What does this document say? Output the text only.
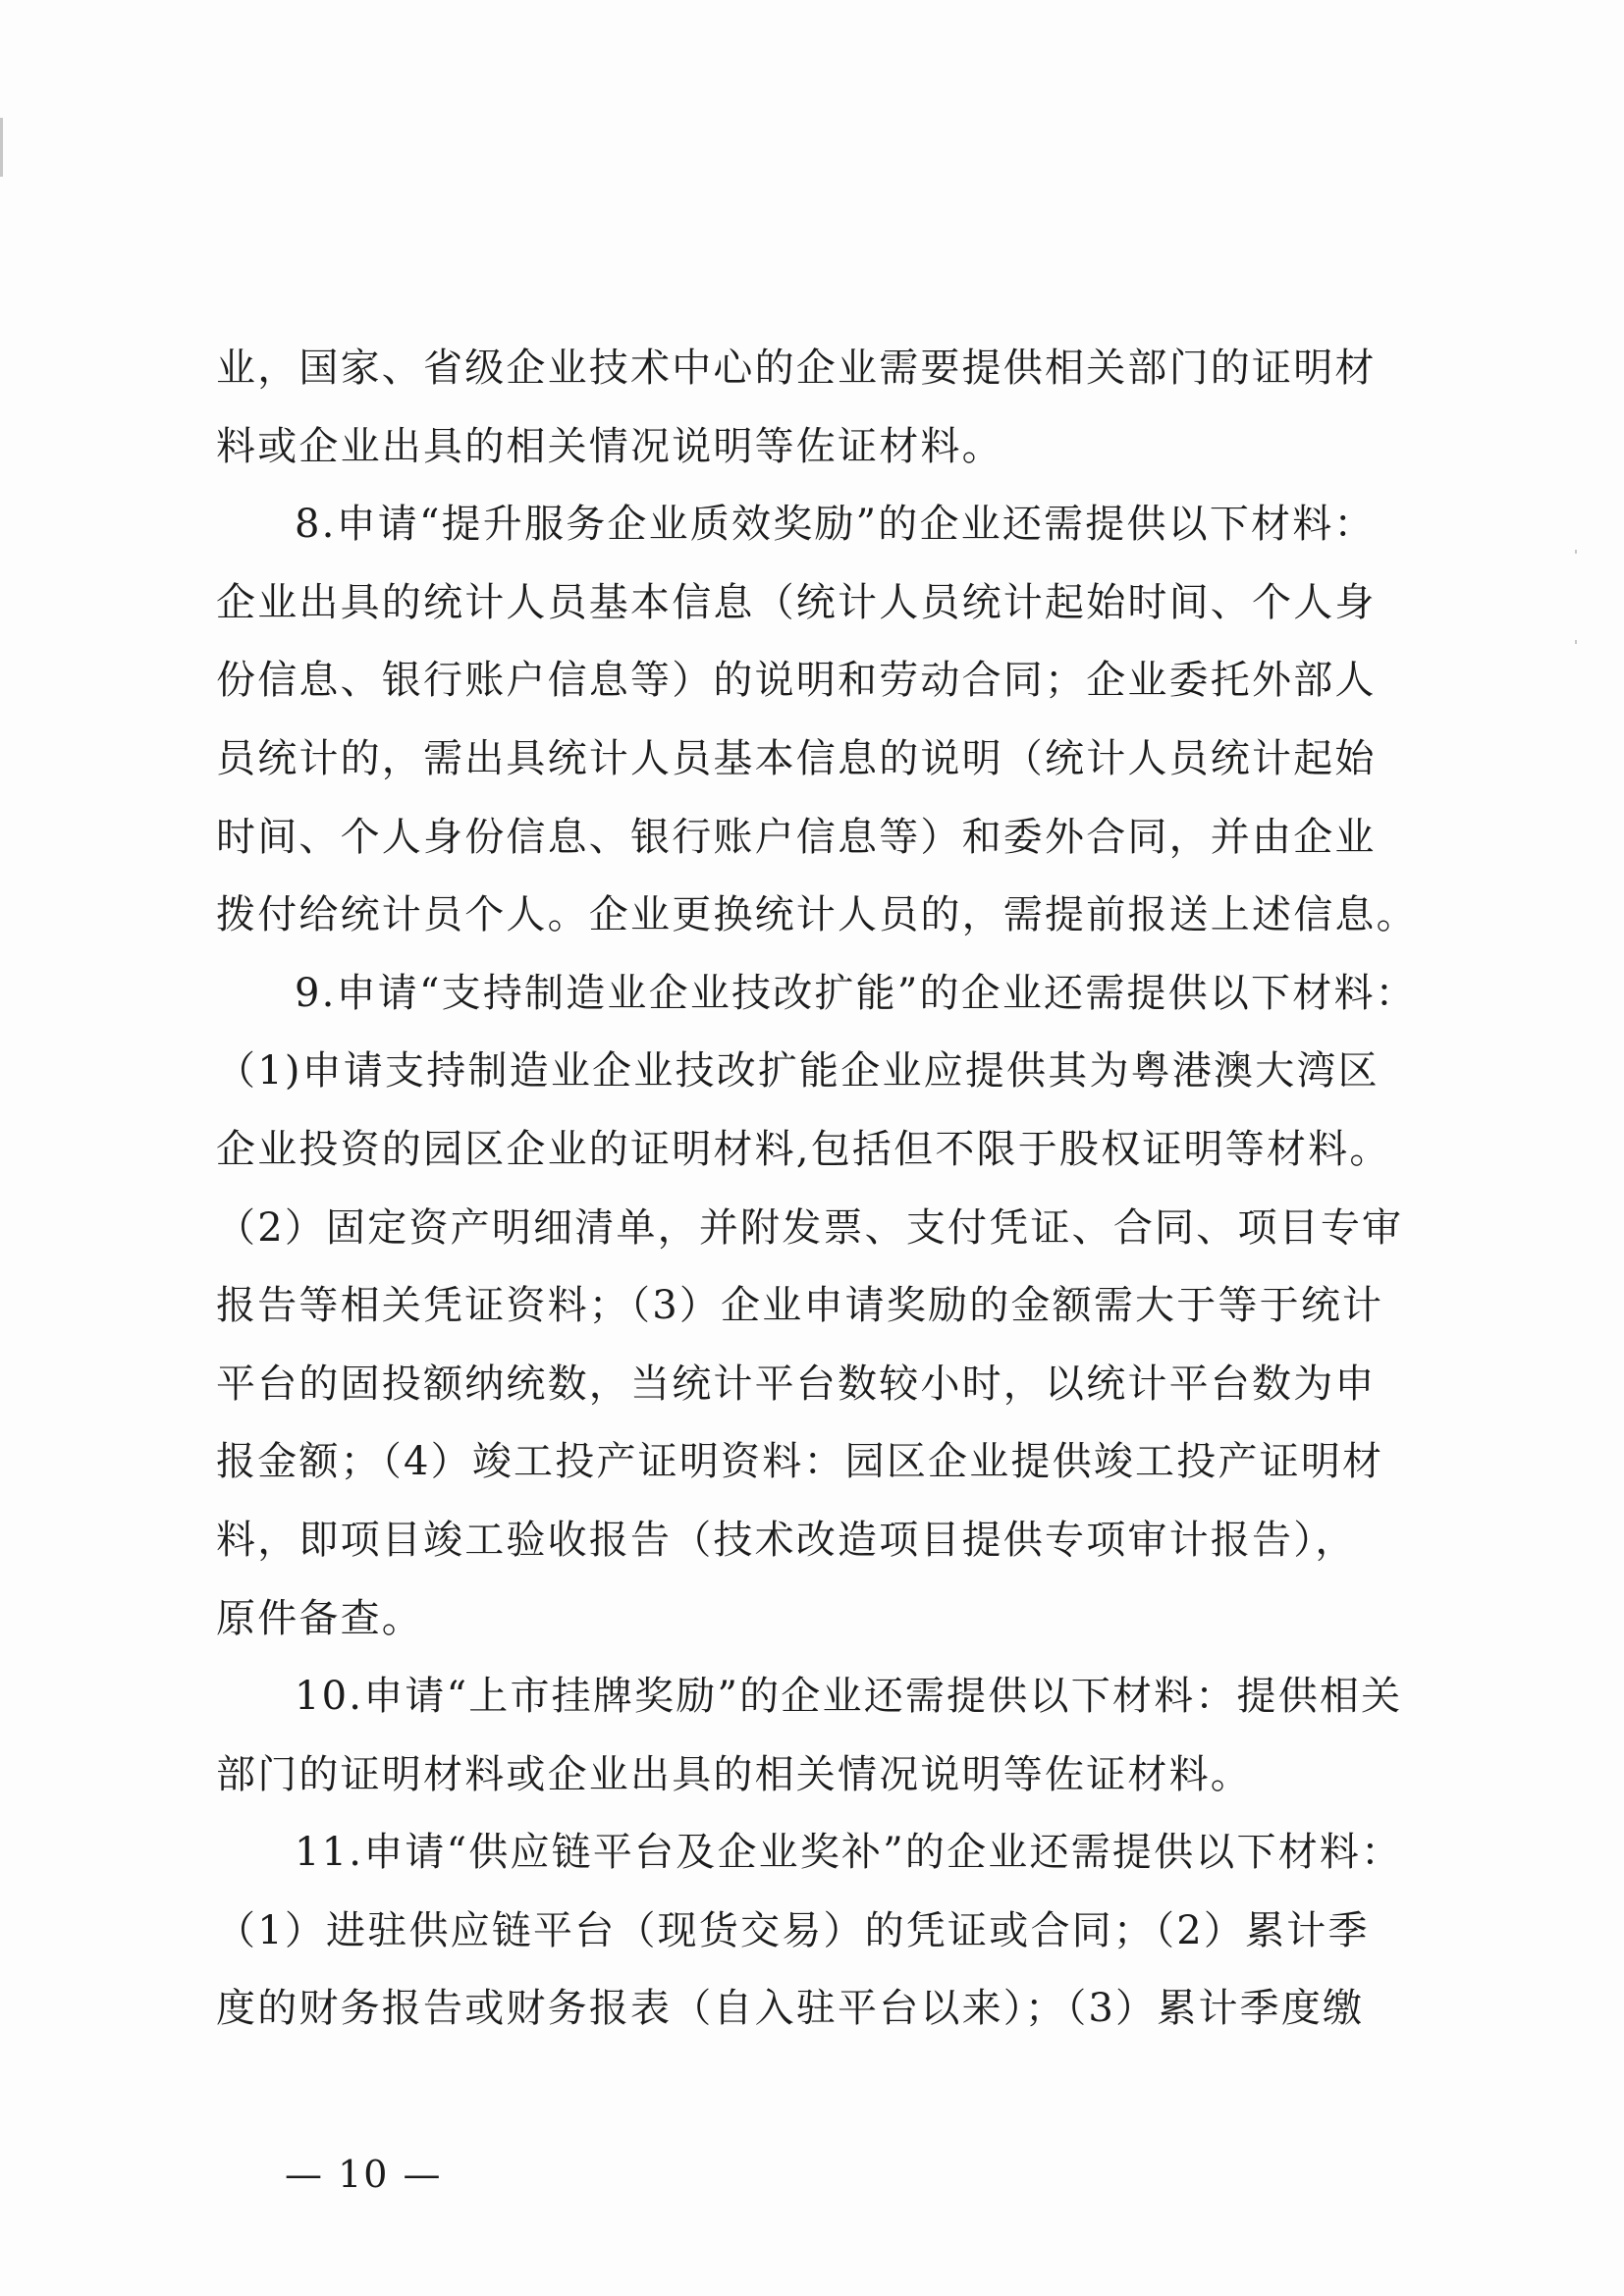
业，国家、省级企业技术中心的企业需要提供相关部门的证明材
料或企业出具的相关情况说明等佐证材料。
8.申请“提升服务企业质效奖励”的企业还需提供以下材料：
企业出具的统计人员基本信息（统计人员统计起始时间、个人身
份信息、银行账户信息等）的说明和劳动合同；企业委托外部人
员统计的，需出具统计人员基本信息的说明（统计人员统计起始
时间、个人身份信息、银行账户信息等）和委外合同，并由企业
拨付给统计员个人。企业更换统计人员的，需提前报送上述信息。
9.申请“支持制造业企业技改扩能”的企业还需提供以下材料：
（1)申请支持制造业企业技改扩能企业应提供其为粤港澳大湾区
企业投资的园区企业的证明材料,包括但不限于股权证明等材料。
（2）固定资产明细清单，并附发票、支付凭证、合同、项目专审
报告等相关凭证资料；（3）企业申请奖励的金额需大于等于统计
平台的固投额纳统数，当统计平台数较小时，以统计平台数为申
报金额；（4）竣工投产证明资料：园区企业提供竣工投产证明材
料，即项目竣工验收报告（技术改造项目提供专项审计报告），
原件备查。
10.申请“上市挂牌奖励”的企业还需提供以下材料：提供相关
部门的证明材料或企业出具的相关情况说明等佐证材料。
11.申请“供应链平台及企业奖补”的企业还需提供以下材料：
（1）进驻供应链平台（现货交易）的凭证或合同；（2）累计季
度的财务报告或财务报表（自入驻平台以来）；（3）累计季度缴
— 10 —
